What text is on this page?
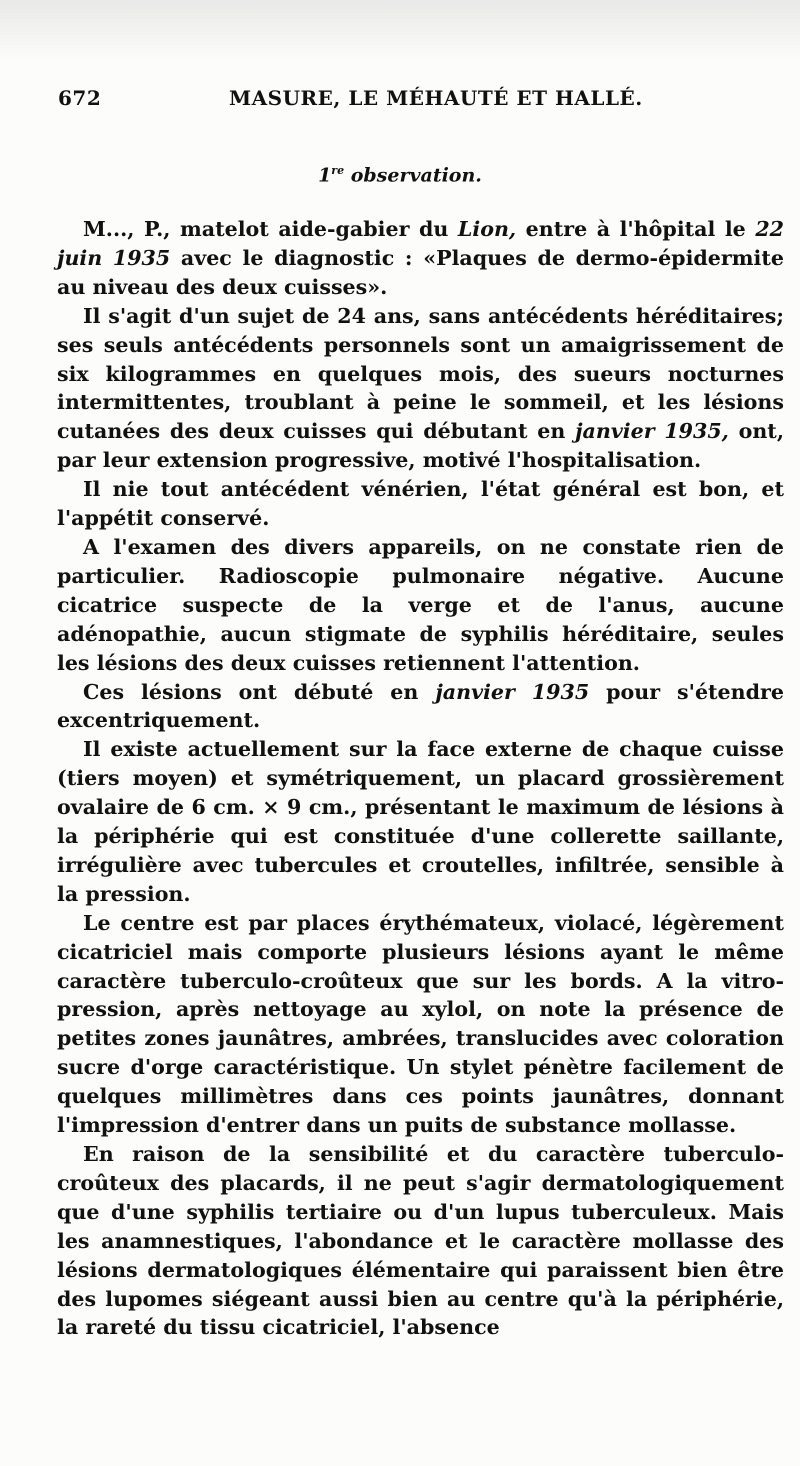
672	MASURE, LE MÉHAUTÉ ET HALLÉ.
1re observation.

M..., P., matelot aide-gabier du Lion, entre à l'hôpital le 22 juin 1935 avec le diagnostic : «Plaques de dermo-épidermite au niveau des deux cuisses».

Il s'agit d'un sujet de 24 ans, sans antécédents héréditaires; ses seuls antécédents personnels sont un amaigrissement de six kilogrammes en quelques mois, des sueurs nocturnes intermittentes, troublant à peine le sommeil, et les lésions cutanées des deux cuisses qui débutant en janvier 1935, ont, par leur extension progressive, motivé l'hospitalisation.

Il nie tout antécédent vénérien, l'état général est bon, et l'appétit conservé.

A l'examen des divers appareils, on ne constate rien de particulier. Radioscopie pulmonaire négative. Aucune cicatrice suspecte de la verge et de l'anus, aucune adénopathie, aucun stigmate de syphilis héréditaire, seules les lésions des deux cuisses retiennent l'attention.

Ces lésions ont débuté en janvier 1935 pour s'étendre excentriquement.

Il existe actuellement sur la face externe de chaque cuisse (tiers moyen) et symétriquement, un placard grossièrement ovalaire de 6 cm. × 9 cm., présentant le maximum de lésions à la périphérie qui est constituée d'une collerette saillante, irrégulière avec tubercules et croutelles, infiltrée, sensible à la pression.

Le centre est par places érythémateux, violacé, légèrement cicatriciel mais comporte plusieurs lésions ayant le même caractère tuberculo-croûteux que sur les bords. A la vitro-pression, après nettoyage au xylol, on note la présence de petites zones jaunâtres, ambrées, translucides avec coloration sucre d'orge caractéristique. Un stylet pénètre facilement de quelques millimètres dans ces points jaunâtres, donnant l'impression d'entrer dans un puits de substance mollasse.

En raison de la sensibilité et du caractère tuberculo-croûteux des placards, il ne peut s'agir dermatologiquement que d'une syphilis tertiaire ou d'un lupus tuberculeux. Mais les anamnestiques, l'abondance et le caractère mollasse des lésions dermatologiques élémentaire qui paraissent bien être des lupomes siégeant aussi bien au centre qu'à la périphérie, la rareté du tissu cicatriciel, l'absence
